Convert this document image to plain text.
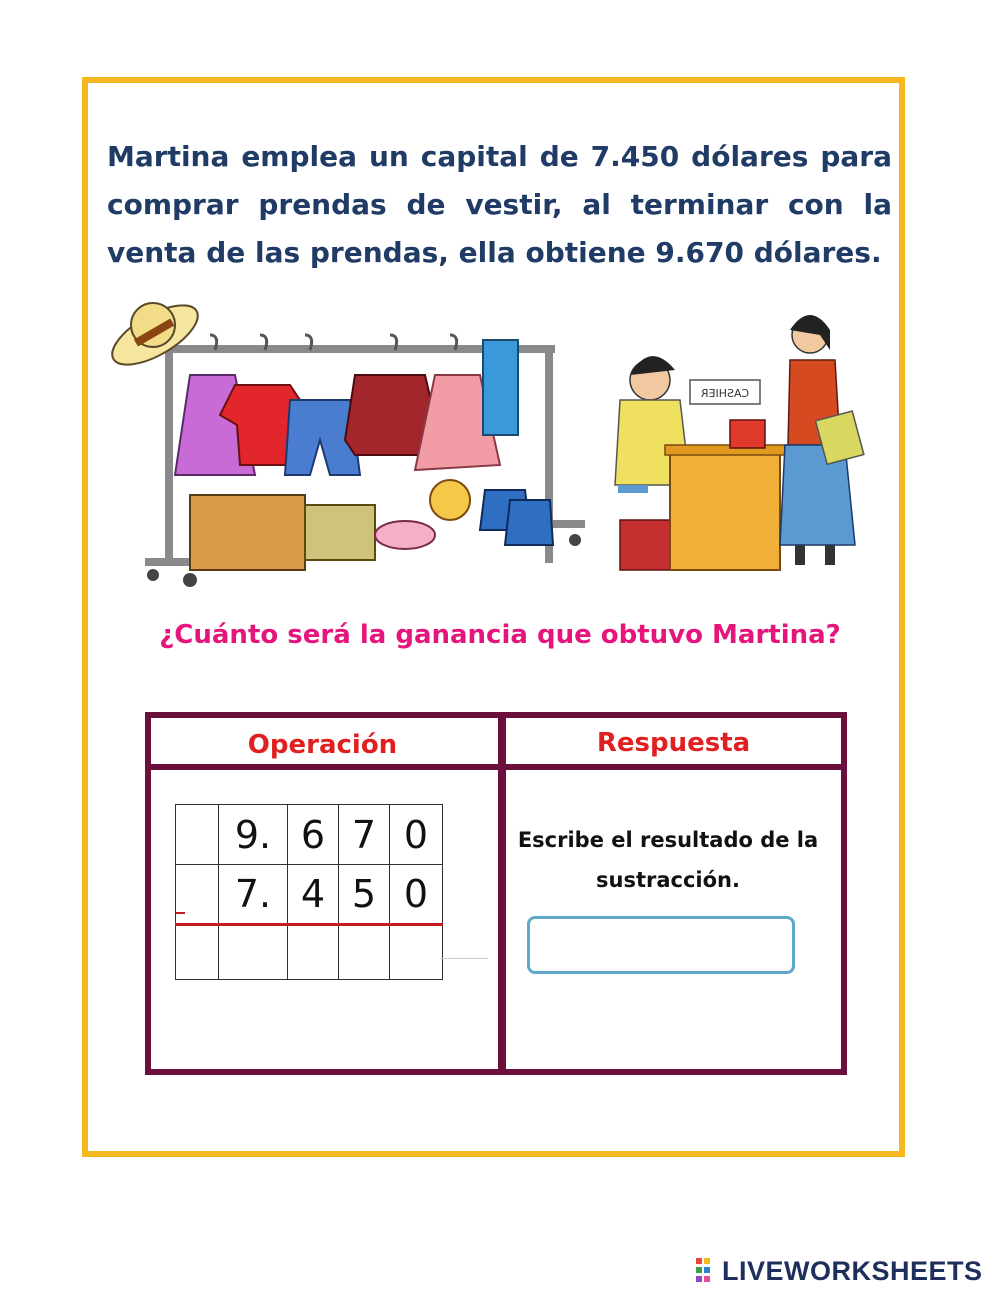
Martina emplea un capital de 7.450 dólares para comprar prendas de vestir, al terminar con la venta de las prendas, ella obtiene 9.670 dólares.
CASHIER
¿Cuánto será la ganancia que obtuvo Martina?
Operación	Respuesta
	9.	6	7	0
	7.	4	5	0

Escribe el resultado de la sustracción.
LIVEWORKSHEETS
